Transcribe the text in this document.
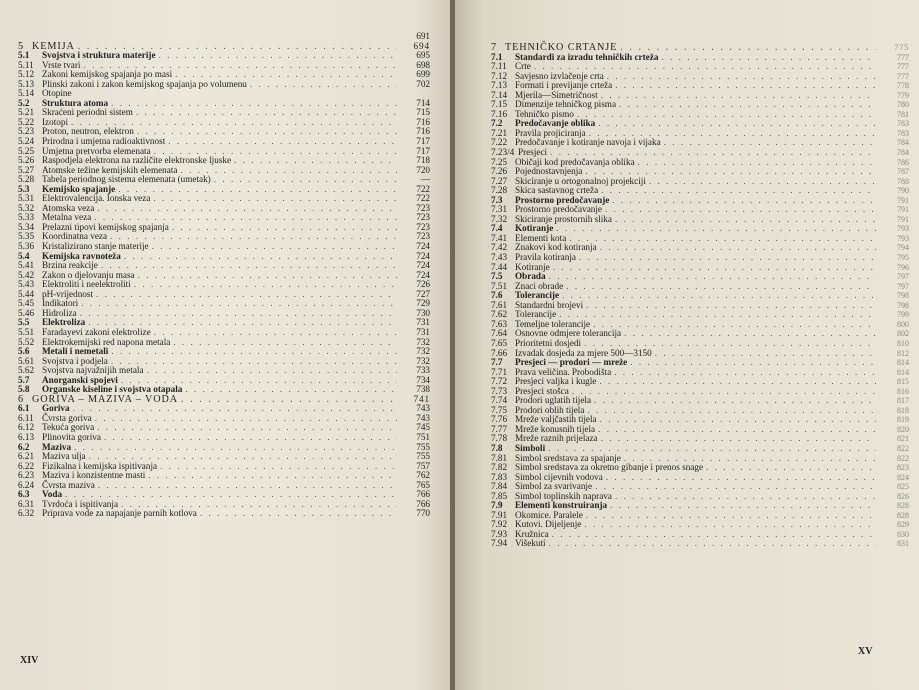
691
5 KEMIJA . . .	694
5.1	Svojstva i struktura materije . . .	695
5.11 Vrste tvari . . .	698
5.12 Zakoni kemijskog spajanja po masi . . .	699
5.13 Plinski zakoni i zakon kemijskog spajanja po volumenu . . .	702
5.14 Otopine
5.2	Struktura atoma . . .	714
5.21 Skraćeni periodni sistem . . .	715
5.22 Izotopi . . .	716
5.23 Proton, neutron, elektron . . .	716
5.24 Prirodna i umjetna radioaktivnost . . .	717
5.25 Umjetna pretvorba elemenata . . .	717
5.26 Raspodjela elektrona na različite elektronske ljuske . . .	718
5.27 Atomske težine kemijskih elemenata . . .	720
5.28 Tabela periodnog sistema elemenata (umetak) . . .	—
5.3	Kemijsko spajanje . . .	722
5.31 Elektrovalencija. Ionska veza . . .	722
5.32 Atomska veza . . .	723
5.33 Metalna veza . . .	723
5.34 Prelazni tipovi kemijskog spajanja . . .	723
5.35 Koordinatna veza . . .	723
5.36 Kristalizirano stanje materije . . .	724
5.4	Kemijska ravnoteža . . .	724
5.41 Brzina reakcije . . .	724
5.42 Zakon o djelovanju masa . . .	724
5.43 Elektroliti i neelektroliti . . .	726
5.44 pH-vrijednost . . .	727
5.45 Indikatori . . .	729
5.46 Hidroliza . . .	730
5.5	Elektroliza . . .	731
5.51 Faradayevi zakoni elektrolize . . .	731
5.52 Elektrokemijski red napona metala . . .	732
5.6	Metali i nemetali . . .	732
5.61 Svojstva i podjela . . .	732
5.62 Svojstva najvažnijih metala . . .	733
5.7	Anorganski spojevi . . .	734
5.8	Organske kiseline i svojstva otapala . . .	738
6 GORIVA – MAZIVA – VODA . . .	741
6.1	Goriva . . .	743
6.11 Čvrsta goriva . . .	743
6.12 Tekuća goriva . . .	745
6.13 Plinovita goriva . . .	751
6.2	Maziva . . .	755
6.21 Maziva ulja . . .	755
6.22 Fizikalna i kemijska ispitivanja . . .	757
6.23 Maziva i konzistentne masti . . .	762
6.24 Čvrsta maziva . . .	765
6.3	Voda . . .	766
6.31 Tvrdoća i ispitivanja . . .	766
6.32 Priprava vode za napajanje parnih kotlova . . .	770
XIV
7 TEHNIČKO CRTANJE . . .	775
7.1	Standardi za izradu tehničkih crteža . . .	777
7.11 Crte . . .	777
7.12 Savjesno izvlačenje crta . . .	777
7.13 Formati i previjanje crteža . . .	778
7.14 Mjerila—Simetričnost . . .	779
7.15 Dimenzije tehničkog pisma . . .	780
7.16 Tehničko pismo . . .	781
7.2	Predočavanje oblika . . .	783
7.21 Pravila projiciranja . . .	783
7.22 Predočavanje i kotiranje navoja i vijaka . . .	784
7.23/4 Presjeci . . .	784
7.25 Običaji kod predočavanja oblika . . .	786
7.26 Pojednostavnjenja . . .	787
7.27 Skiciranje u ortogonalnoj projekciji . . .	788
7.28 Skica sastavnog crteža . . .	790
7.3	Prostorno predočavanje . . .	791
7.31 Prostorno predočavanje . . .	791
7.32 Skiciranje prostornih slika . . .	791
7.4	Kotiranje . . .	793
7.41 Elementi kota . . .	793
7.42 Znakovi kod kotiranja . . .	794
7.43 Pravila kotiranja . . .	795
7.44 Kotiranje . . .	796
7.5	Obrada . . .	797
7.51 Znaci obrade . . .	797
7.6	Tolerancije . . .	798
7.61 Standardni brojevi . . .	798
7.62 Tolerancije . . .	799
7.63 Temeljne tolerancije . . .	800
7.64 Osnovne odmjere tolerancija . . .	802
7.65 Prioritetni dosjedi . . .	810
7.66 Izvadak dosjeda za mjere 500—3150 . . .	812
7.7	Presjeci — prodori — mreže . . .	814
7.71 Prava veličina. Probodišta . . .	814
7.72 Presjeci valjka i kugle . . .	815
7.73 Presjeci stošca . . .	816
7.74 Prodori uglatih tijela . . .	817
7.75 Prodori oblih tijela . . .	818
7.76 Mreže valjčastih tijela . . .	819
7.77 Mreže konusnih tijela . . .	820
7.78 Mreže raznih prijelaza . . .	821
7.8	Simboli . . .	822
7.81 Simbol sredstava za spajanje . . .	822
7.82 Simbol sredstava za okretno gibanje i prenos snage . . .	823
7.83 Simbol cijevnih vodova . . .	824
7.84 Simbol za svarivanje . . .	825
7.85 Simbol toplinskih naprava . . .	826
7.9	Elementi konstruiranja . . .	828
7.91 Okomice. Paralele . . .	828
7.92 Kutovi. Dijeljenje . . .	829
7.93 Kružnica . . .	830
7.94 Višekuti . . .	831
XV
